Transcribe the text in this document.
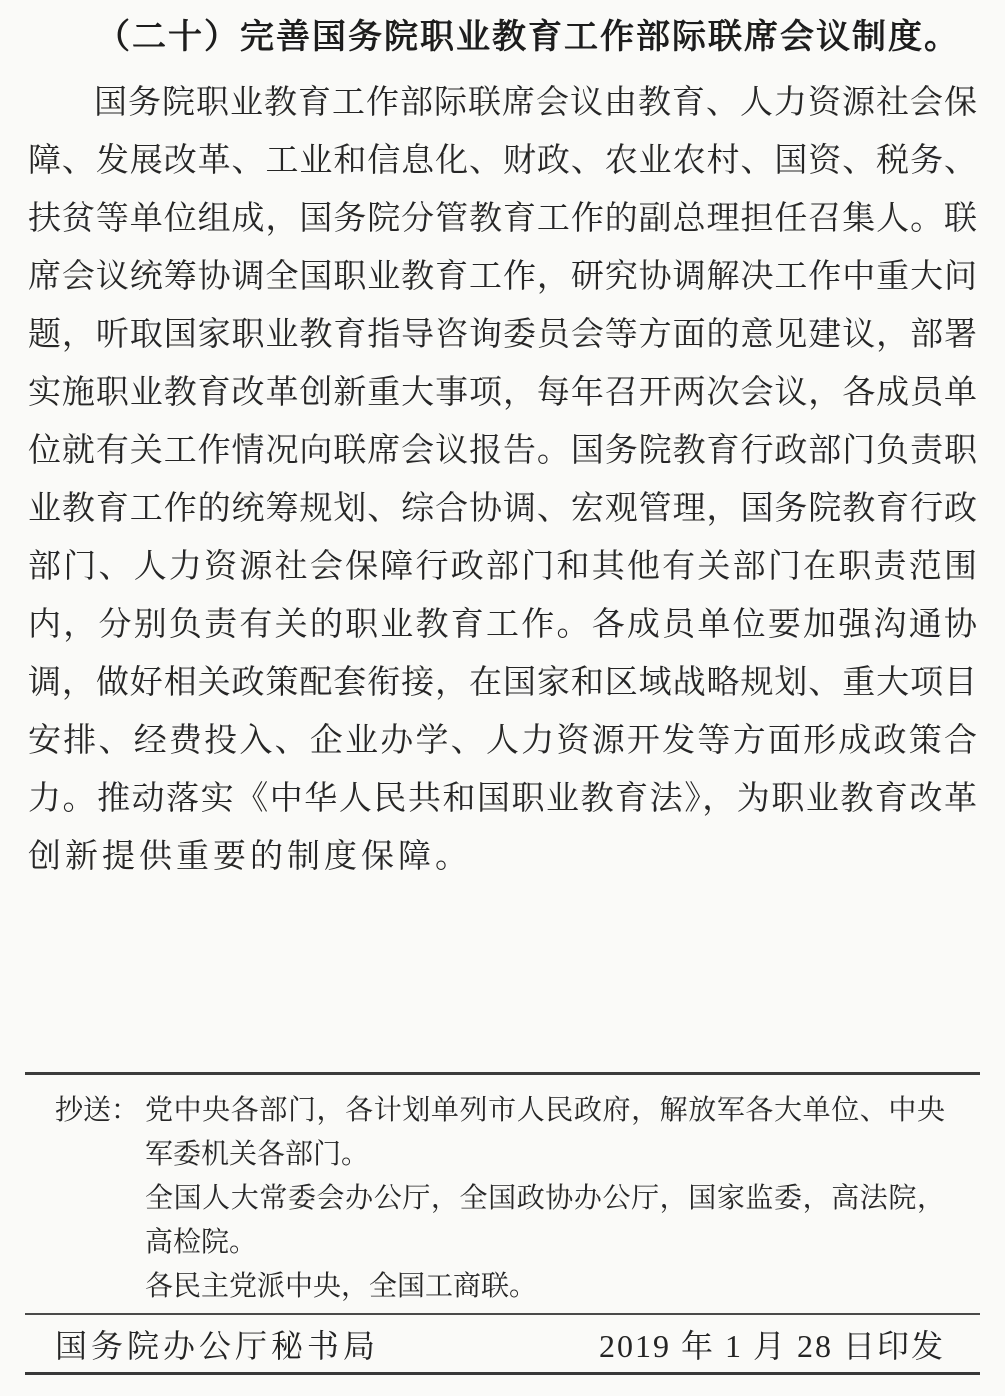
（二十）完善国务院职业教育工作部际联席会议制度。
国务院职业教育工作部际联席会议由教育、人力资源社会保
障、发展改革、工业和信息化、财政、农业农村、国资、税务、
扶贫等单位组成，国务院分管教育工作的副总理担任召集人。联
席会议统筹协调全国职业教育工作，研究协调解决工作中重大问
题，听取国家职业教育指导咨询委员会等方面的意见建议，部署
实施职业教育改革创新重大事项，每年召开两次会议，各成员单
位就有关工作情况向联席会议报告。国务院教育行政部门负责职
业教育工作的统筹规划、综合协调、宏观管理，国务院教育行政
部门、人力资源社会保障行政部门和其他有关部门在职责范围
内，分别负责有关的职业教育工作。各成员单位要加强沟通协
调，做好相关政策配套衔接，在国家和区域战略规划、重大项目
安排、经费投入、企业办学、人力资源开发等方面形成政策合
力。推动落实《中华人民共和国职业教育法》，为职业教育改革
创新提供重要的制度保障。
抄送： 党中央各部门，各计划单列市人民政府，解放军各大单位、中央
军委机关各部门。
全国人大常委会办公厅，全国政协办公厅，国家监委，高法院，
高检院。
各民主党派中央，全国工商联。
国务院办公厅秘书局	2019 年 1 月 28 日印发
